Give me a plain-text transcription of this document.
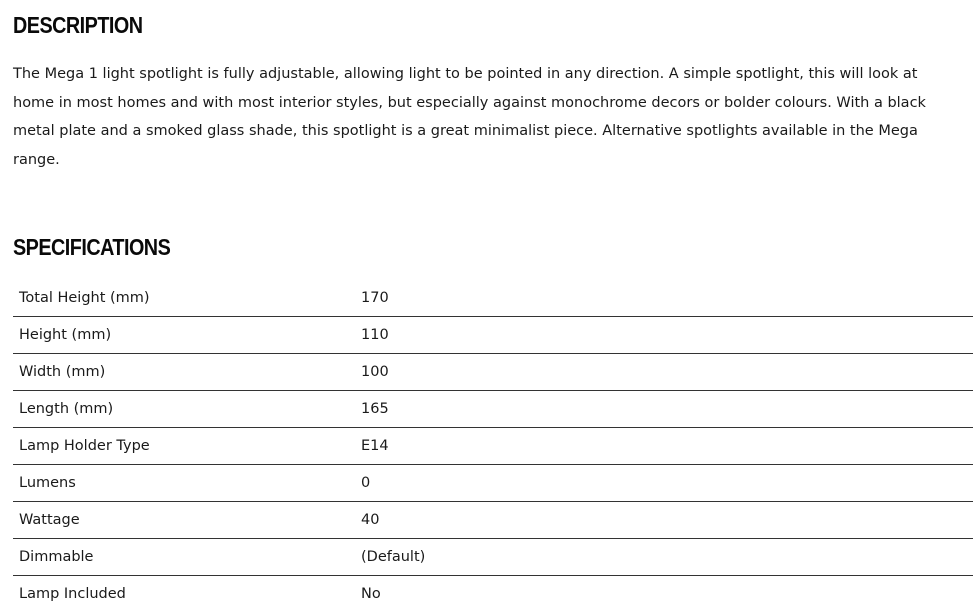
DESCRIPTION
The Mega 1 light spotlight is fully adjustable, allowing light to be pointed in any direction. A simple spotlight, this will look at home in most homes and with most interior styles, but especially against monochrome decors or bolder colours. With a black metal plate and a smoked glass shade, this spotlight is a great minimalist piece. Alternative spotlights available in the Mega range.
SPECIFICATIONS
Total Height (mm)	170
Height (mm)	110
Width (mm)	100
Length (mm)	165
Lamp Holder Type	E14
Lumens	0
Wattage	40
Dimmable	(Default)
Lamp Included	No
